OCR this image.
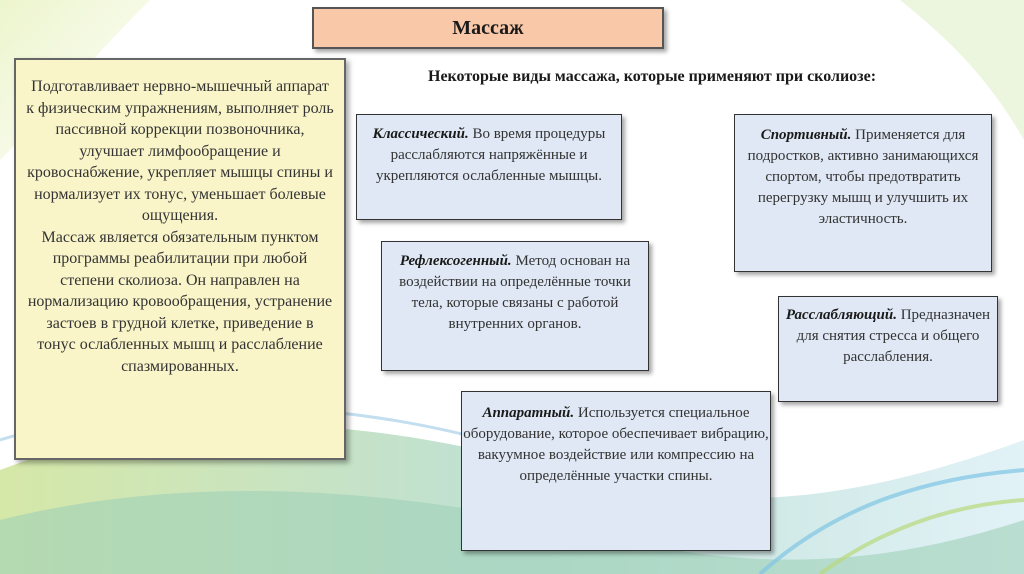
Массаж

Подготавливает нервно-мышечный аппарат к физическим упражнениям, выполняет роль пассивной коррекции позвоночника, улучшает лимфообращение и кровоснабжение, укрепляет мышцы спины и нормализует их тонус, уменьшает болевые ощущения.

Массаж является обязательным пунктом программы реабилитации при любой степени сколиоза. Он направлен на нормализацию кровообращения, устранение застоев в грудной клетке, приведение в тонус ослабленных мышц и расслабление спазмированных.

Некоторые виды массажа, которые применяют при сколиозе:
Классический. Во время процедуры расслабляются напряжённые и укрепляются ослабленные мышцы.
Рефлексогенный. Метод основан на воздействии на определённые точки тела, которые связаны с работой внутренних органов.
Аппаратный. Используется специальное оборудование, которое обеспечивает вибрацию, вакуумное воздействие или компрессию на определённые участки спины.
Спортивный. Применяется для подростков, активно занимающихся спортом, чтобы предотвратить перегрузку мышц и улучшить их эластичность.
Расслабляющий. Предназначен для снятия стресса и общего расслабления.
